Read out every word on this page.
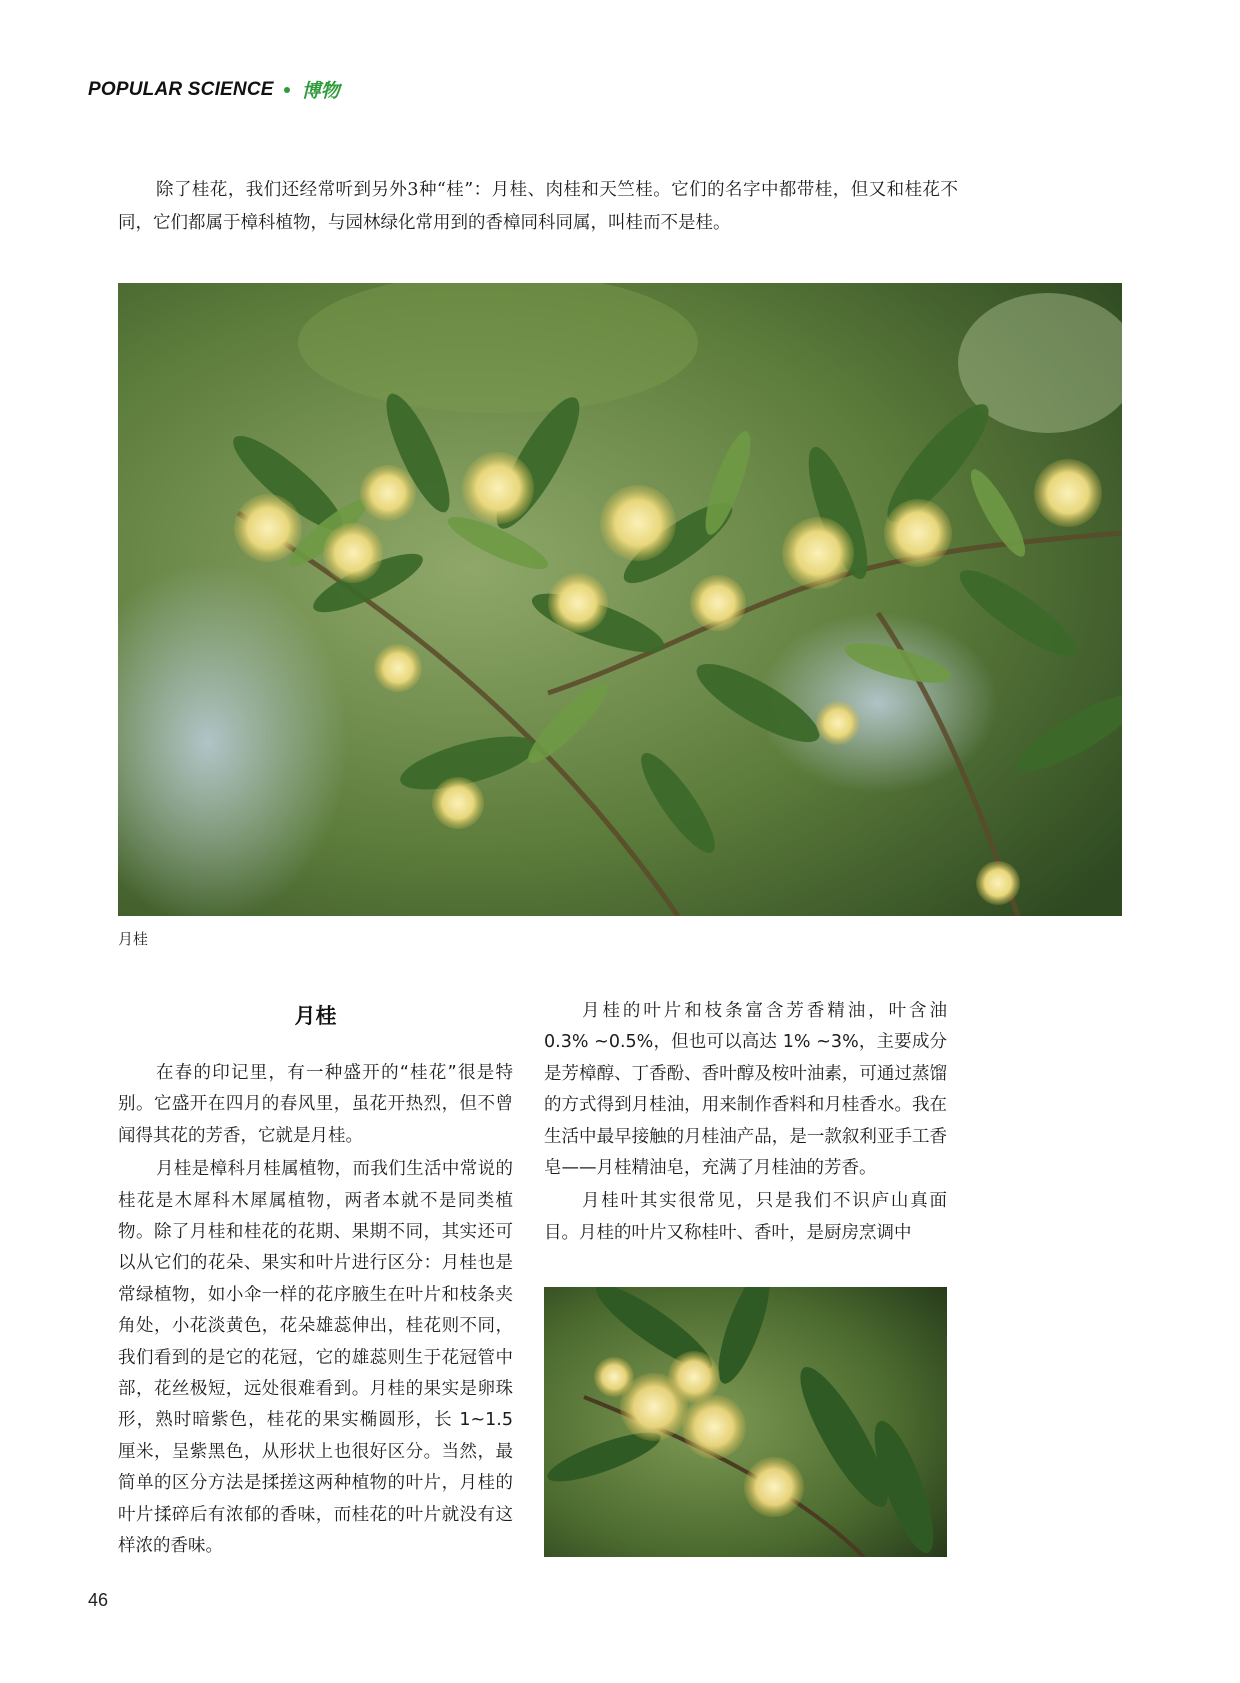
POPULAR SCIENCE 博物

除了桂花，我们还经常听到另外3种“桂”：月桂、肉桂和天竺桂。它们的名字中都带桂，但又和桂花不同，它们都属于樟科植物，与园林绿化常用到的香樟同科同属，叫桂而不是桂。

月桂
月桂

在春的印记里，有一种盛开的“桂花”很是特别。它盛开在四月的春风里，虽花开热烈，但不曾闻得其花的芳香，它就是月桂。

月桂是樟科月桂属植物，而我们生活中常说的桂花是木犀科木犀属植物，两者本就不是同类植物。除了月桂和桂花的花期、果期不同，其实还可以从它们的花朵、果实和叶片进行区分：月桂也是常绿植物，如小伞一样的花序腋生在叶片和枝条夹角处，小花淡黄色，花朵雄蕊伸出，桂花则不同，我们看到的是它的花冠，它的雄蕊则生于花冠管中部，花丝极短，远处很难看到。月桂的果实是卵珠形，熟时暗紫色，桂花的果实椭圆形，长 1~1.5 厘米，呈紫黑色，从形状上也很好区分。当然，最简单的区分方法是揉搓这两种植物的叶片，月桂的叶片揉碎后有浓郁的香味，而桂花的叶片就没有这样浓的香味。

月桂的叶片和枝条富含芳香精油，叶含油 0.3% ~0.5%，但也可以高达 1% ~3%，主要成分是芳樟醇、丁香酚、香叶醇及桉叶油素，可通过蒸馏的方式得到月桂油，用来制作香料和月桂香水。我在生活中最早接触的月桂油产品，是一款叙利亚手工香皂——月桂精油皂，充满了月桂油的芳香。

月桂叶其实很常见，只是我们不识庐山真面目。月桂的叶片又称桂叶、香叶，是厨房烹调中

46
